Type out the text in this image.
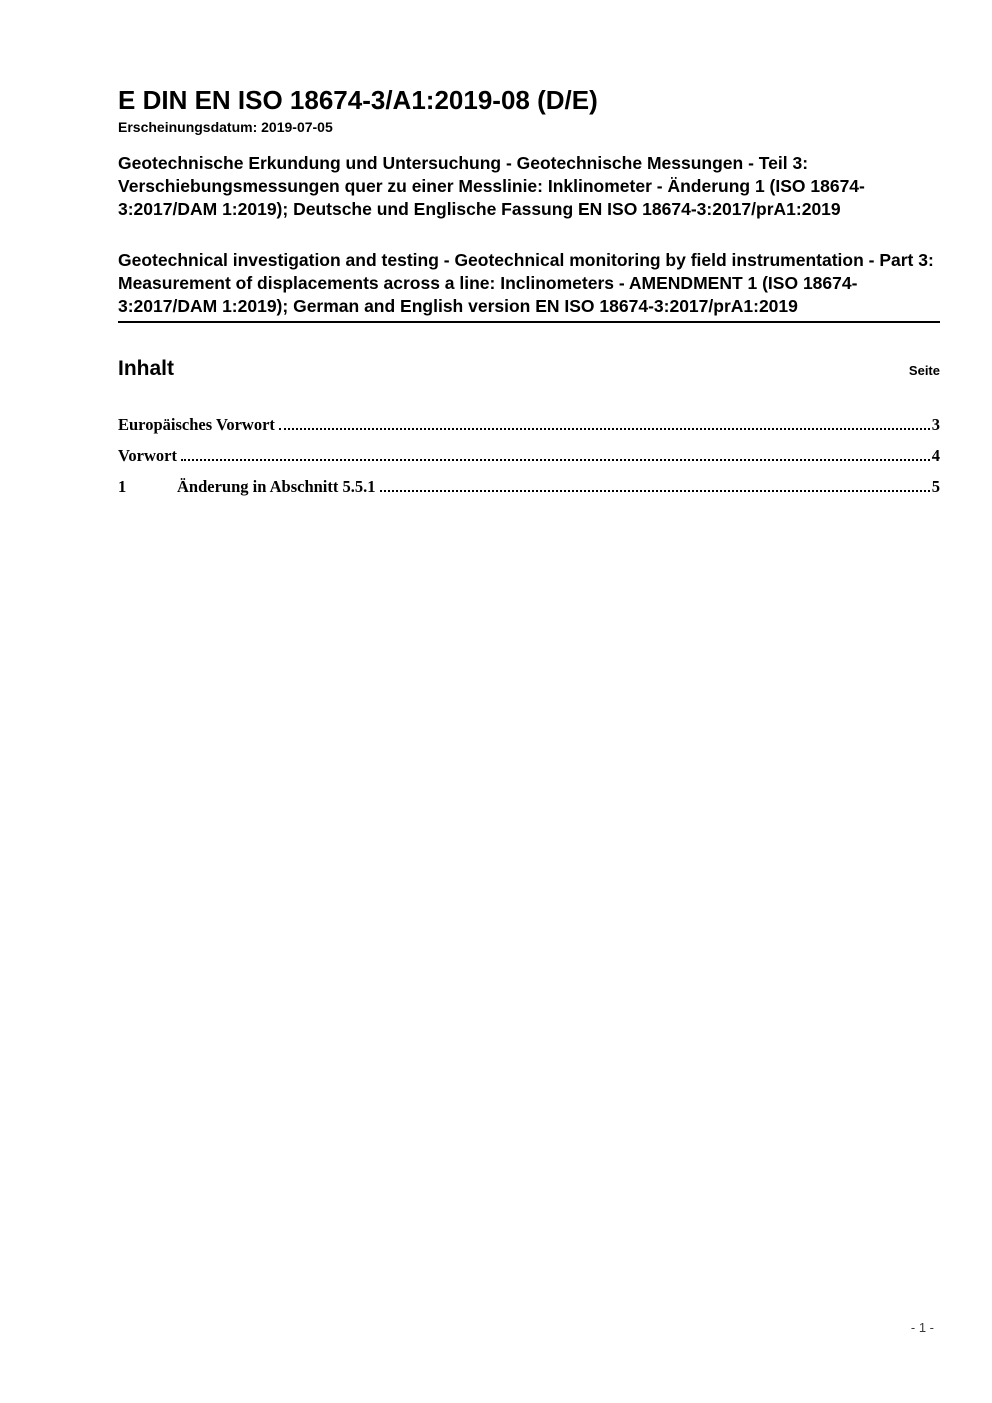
E DIN EN ISO 18674-3/A1:2019-08 (D/E)
Erscheinungsdatum: 2019-07-05

Geotechnische Erkundung und Untersuchung - Geotechnische Messungen - Teil 3: Verschiebungsmessungen quer zu einer Messlinie: Inklinometer - Änderung 1 (ISO 18674-3:2017/DAM 1:2019); Deutsche und Englische Fassung EN ISO 18674-3:2017/prA1:2019

Geotechnical investigation and testing - Geotechnical monitoring by field instrumentation - Part 3: Measurement of displacements across a line: Inclinometers - AMENDMENT 1 (ISO 18674-3:2017/DAM 1:2019); German and English version EN ISO 18674-3:2017/prA1:2019

Inhalt	Seite
Europäisches Vorwort	3
Vorwort	4
1	Änderung in Abschnitt 5.5.1	5
- 1 -
